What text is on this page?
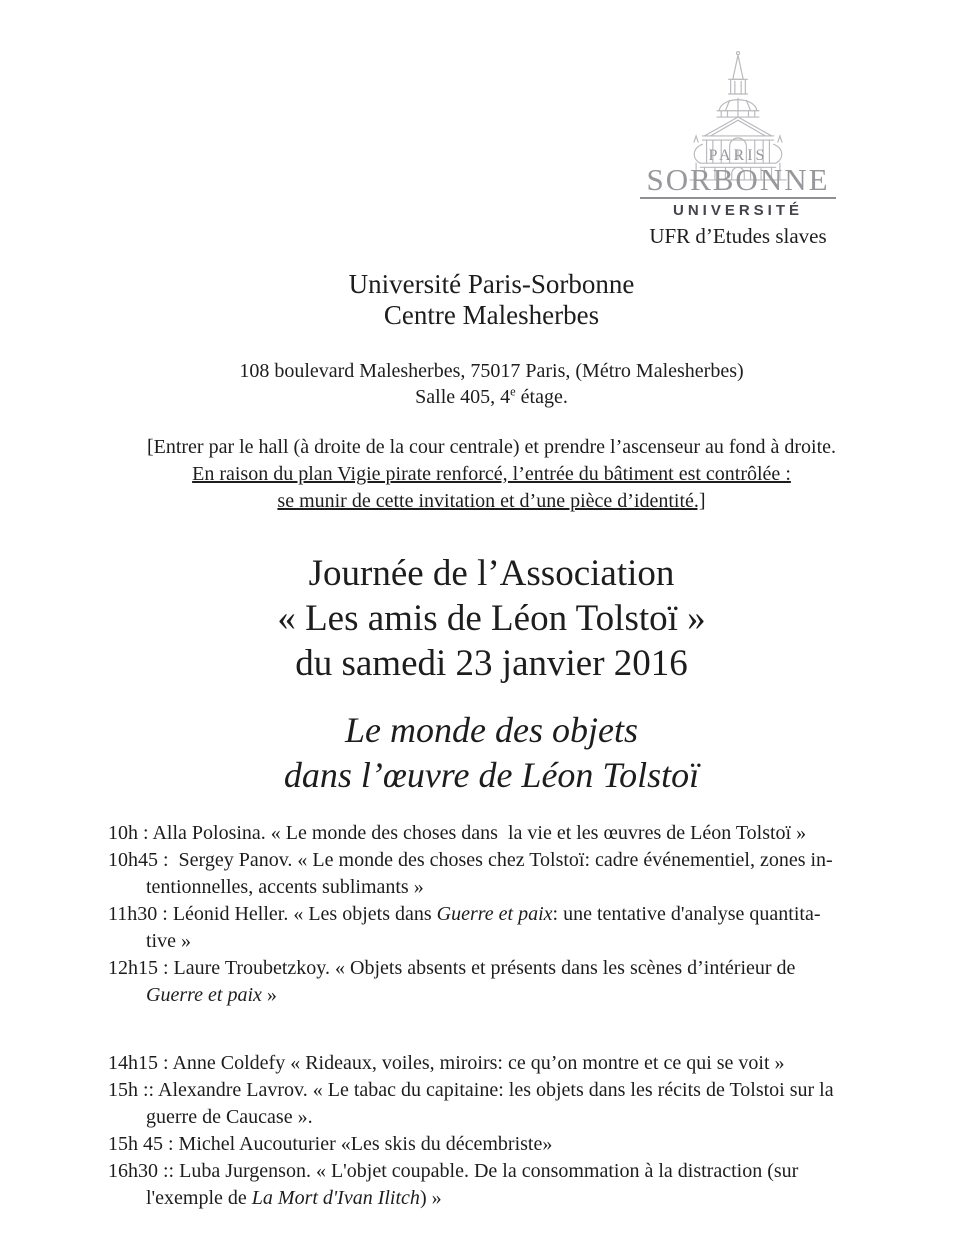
PARIS
SORBONNE
UNIVERSITÉ
UFR d’Etudes slaves
Université Paris-Sorbonne
Centre Malesherbes
108 boulevard Malesherbes, 75017 Paris, (Métro Malesherbes)
Salle 405, 4e étage.
[Entrer par le hall (à droite de la cour centrale) et prendre l’ascenseur au fond à droite.
En raison du plan Vigie pirate renforcé, l’entrée du bâtiment est contrôlée :
se munir de cette invitation et d’une pièce d’identité.]
Journée de l’Association
« Les amis de Léon Tolstoï »
du samedi 23 janvier 2016
Le monde des objets
dans l’œuvre de Léon Tolstoï
10h : Alla Polosina. « Le monde des choses dans  la vie et les œuvres de Léon Tolstoï »
10h45 :  Sergey Panov. « Le monde des choses chez Tolstoï: cadre événementiel, zones in-
tentionnelles, accents sublimants »
11h30 : Léonid Heller. « Les objets dans Guerre et paix: une tentative d'analyse quantita-
tive »
12h15 : Laure Troubetzkoy. « Objets absents et présents dans les scènes d’intérieur de
Guerre et paix »
14h15 : Anne Coldefy « Rideaux, voiles, miroirs: ce qu’on montre et ce qui se voit »
15h :: Alexandre Lavrov. « Le tabac du capitaine: les objets dans les récits de Tolstoi sur la
guerre de Caucase ».
15h 45 : Michel Aucouturier «Les skis du décembriste»
16h30 :: Luba Jurgenson. « L'objet coupable. De la consommation à la distraction (sur
l'exemple de La Mort d'Ivan Ilitch) »
